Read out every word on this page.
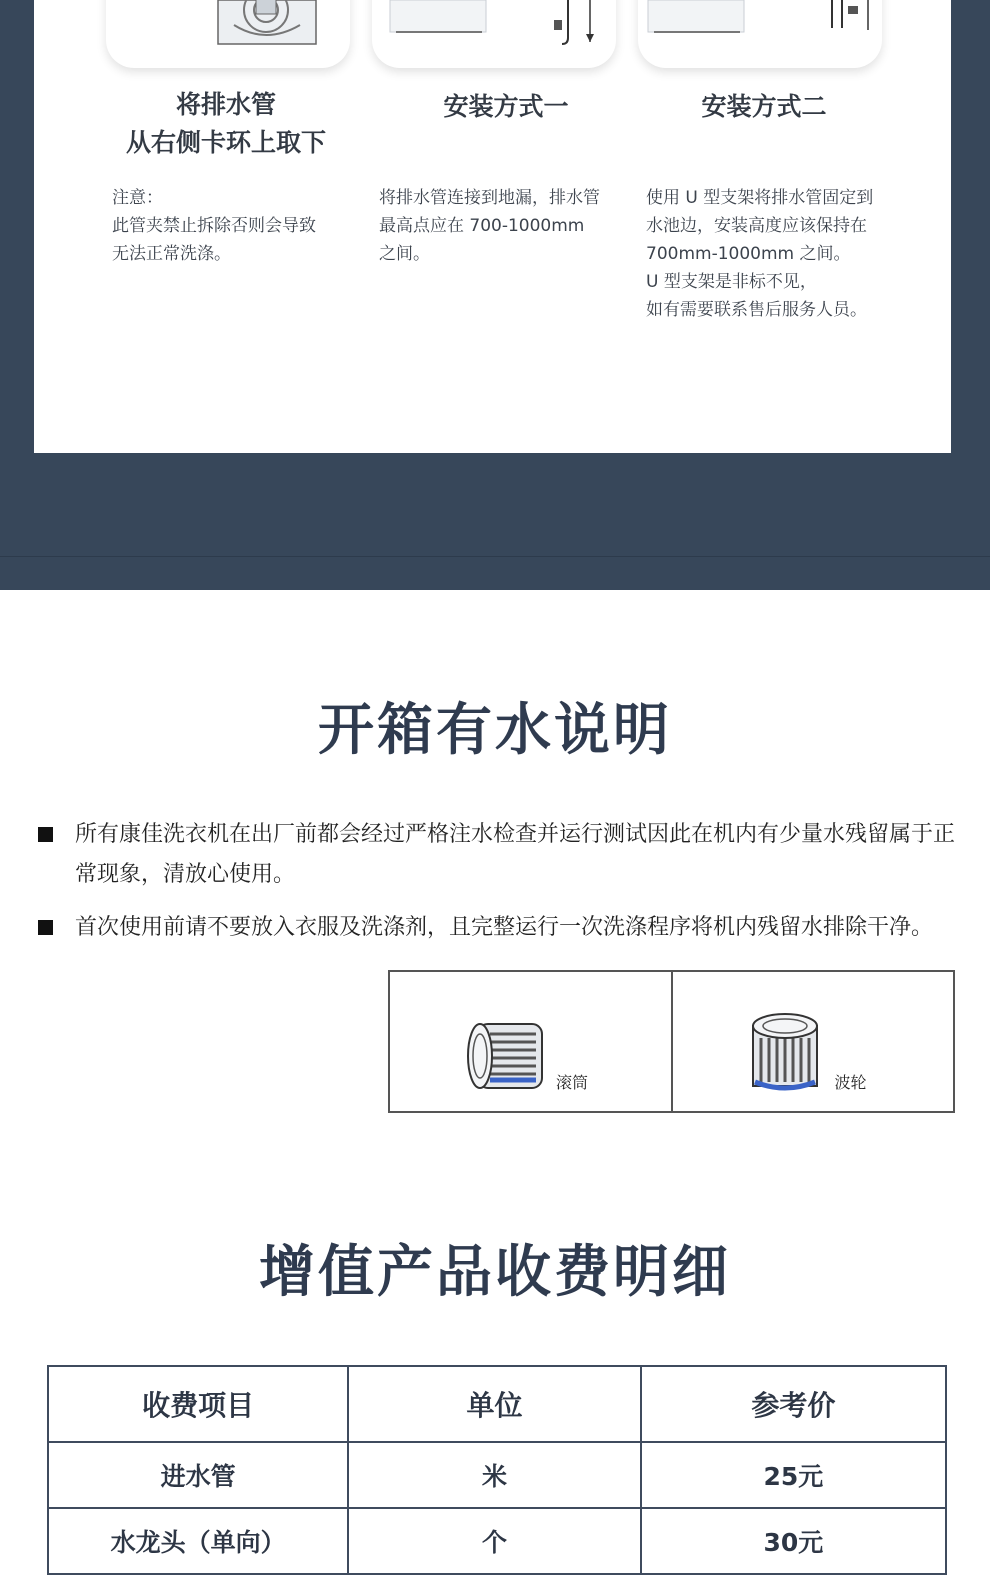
将排水管
从右侧卡环上取下
安装方式一	安装方式二
注意：
此管夹禁止拆除否则会导致
无法正常洗涤。
将排水管连接到地漏，排水管
最高点应在 700-1000mm
之间。
使用 U 型支架将排水管固定到
水池边，安装高度应该保持在
700mm-1000mm 之间。
U 型支架是非标不见，
如有需要联系售后服务人员。
开箱有水说明
所有康佳洗衣机在出厂前都会经过严格注水检查并运行测试因此在机内有少量水残留属于正常现象，清放心使用。
首次使用前请不要放入衣服及洗涤剂，且完整运行一次洗涤程序将机内残留水排除干净。
滚筒	波轮
增值产品收费明细
收费项目	单位	参考价
进水管	米	25元
水龙头（单向）	个	30元
